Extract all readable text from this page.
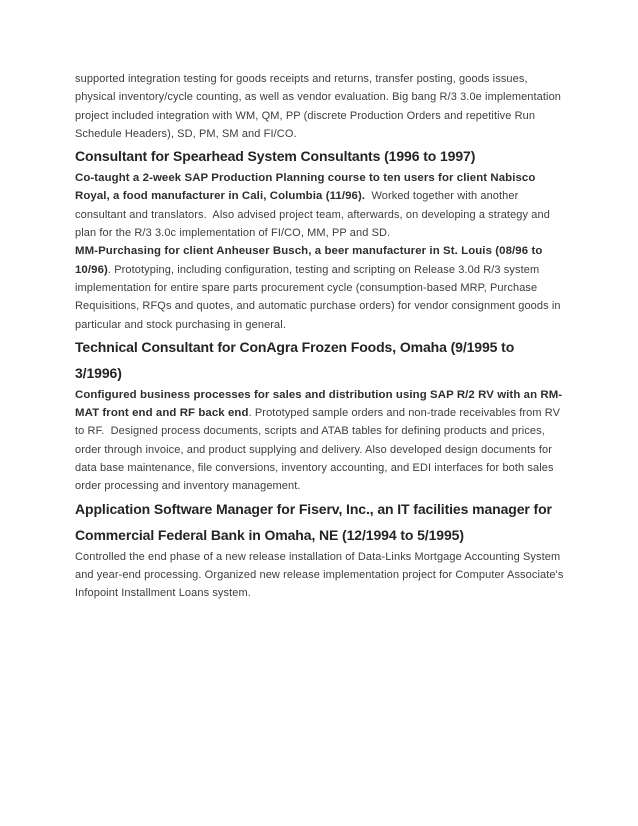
supported integration testing for goods receipts and returns, transfer posting, goods issues, physical inventory/cycle counting, as well as vendor evaluation. Big bang R/3 3.0e implementation project included integration with WM, QM, PP (discrete Production Orders and repetitive Run Schedule Headers), SD, PM, SM and FI/CO.

Consultant for Spearhead System Consultants (1996 to 1997)

Co-taught a 2-week SAP Production Planning course to ten users for client Nabisco Royal, a food manufacturer in Cali, Columbia (11/96).  Worked together with another consultant and translators.  Also advised project team, afterwards, on developing a strategy and plan for the R/3 3.0c implementation of FI/CO, MM, PP and SD.

MM-Purchasing for client Anheuser Busch, a beer manufacturer in St. Louis (08/96 to 10/96). Prototyping, including configuration, testing and scripting on Release 3.0d R/3 system implementation for entire spare parts procurement cycle (consumption-based MRP, Purchase Requisitions, RFQs and quotes, and automatic purchase orders) for vendor consignment goods in particular and stock purchasing in general.

Technical Consultant for ConAgra Frozen Foods, Omaha (9/1995 to 3/1996)

Configured business processes for sales and distribution using SAP R/2 RV with an RM-MAT front end and RF back end. Prototyped sample orders and non-trade receivables from RV to RF.  Designed process documents, scripts and ATAB tables for defining products and prices, order through invoice, and product supplying and delivery. Also developed design documents for data base maintenance, file conversions, inventory accounting, and EDI interfaces for both sales order processing and inventory management.

Application Software Manager for Fiserv, Inc., an IT facilities manager for Commercial Federal Bank in Omaha, NE (12/1994 to 5/1995)

Controlled the end phase of a new release installation of Data-Links Mortgage Accounting System and year-end processing. Organized new release implementation project for Computer Associate's Infopoint Installment Loans system.
